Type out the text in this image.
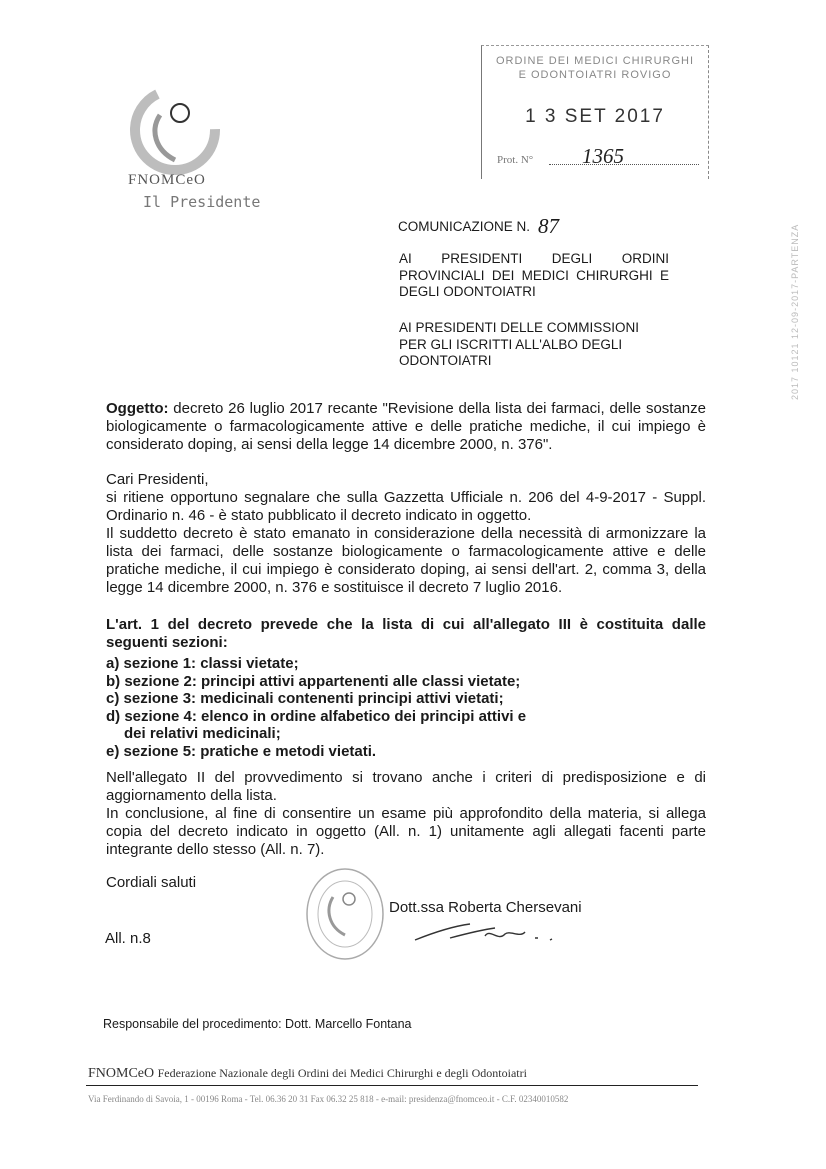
FNOMCeO
Il Presidente
ORDINE DEI MEDICI CHIRURGHI
E ODONTOIATRI ROVIGO
1 3 SET 2017
Prot. N° 1365
2017 10121 12-09-2017-PARTENZA
COMUNICAZIONE N. 87
AI PRESIDENTI DEGLI ORDINI PROVINCIALI DEI MEDICI CHIRURGHI E DEGLI ODONTOIATRI
AI PRESIDENTI DELLE COMMISSIONI PER GLI ISCRITTI ALL'ALBO DEGLI ODONTOIATRI

Oggetto: decreto 26 luglio 2017 recante "Revisione della lista dei farmaci, delle sostanze biologicamente o farmacologicamente attive e delle pratiche mediche, il cui impiego è considerato doping, ai sensi della legge 14 dicembre 2000, n. 376".

Cari Presidenti,

si ritiene opportuno segnalare che sulla Gazzetta Ufficiale n. 206 del 4-9-2017 - Suppl. Ordinario n. 46 - è stato pubblicato il decreto indicato in oggetto.

Il suddetto decreto è stato emanato in considerazione della necessità di armonizzare la lista dei farmaci, delle sostanze biologicamente o farmacologicamente attive e delle pratiche mediche, il cui impiego è considerato doping, ai sensi dell'art. 2, comma 3, della legge 14 dicembre 2000, n. 376 e sostituisce il decreto 7 luglio 2016.

L'art. 1 del decreto prevede che la lista di cui all'allegato III è costituita dalle seguenti sezioni:

a) sezione 1: classi vietate;
b) sezione 2: principi attivi appartenenti alle classi vietate;
c) sezione 3: medicinali contenenti principi attivi vietati;
d) sezione 4: elenco in ordine alfabetico dei principi attivi e
dei relativi medicinali;
e) sezione 5: pratiche e metodi vietati.

Nell'allegato II del provvedimento si trovano anche i criteri di predisposizione e di aggiornamento della lista.

In conclusione, al fine di consentire un esame più approfondito della materia, si allega copia del decreto indicato in oggetto (All. n. 1) unitamente agli allegati facenti parte integrante dello stesso (All. n. 7).

Cordiali saluti
Dott.ssa Roberta Chersevani
All. n.8
Responsabile del procedimento: Dott. Marcello Fontana
FNOMCeO Federazione Nazionale degli Ordini dei Medici Chirurghi e degli Odontoiatri
Via Ferdinando di Savoia, 1 - 00196 Roma - Tel. 06.36 20 31 Fax 06.32 25 818 - e-mail: presidenza@fnomceo.it - C.F. 02340010582
